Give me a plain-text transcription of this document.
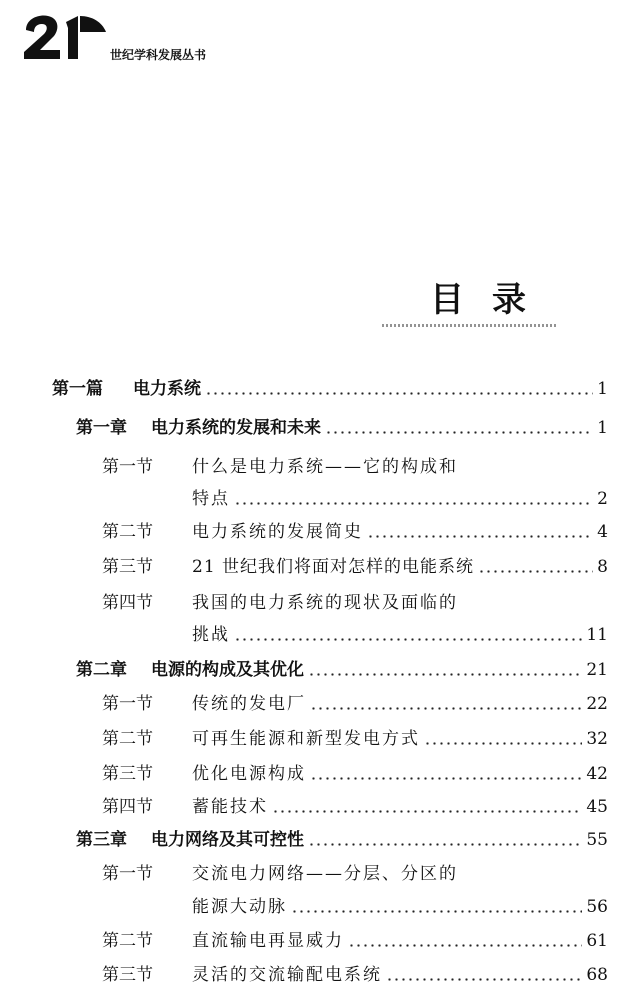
世纪学科发展丛书
目录
第一篇 电力系统	1
第一章 电力系统的发展和未来	1
第一节	什么是电力系统——它的构成和
特点	2
第二节	电力系统的发展简史	4
第三节	21 世纪我们将面对怎样的电能系统	8
第四节	我国的电力系统的现状及面临的
挑战	11
第二章 电源的构成及其优化	21
第一节	传统的发电厂	22
第二节	可再生能源和新型发电方式	32
第三节	优化电源构成	42
第四节	蓄能技术	45
第三章 电力网络及其可控性	55
第一节	交流电力网络——分层、分区的
能源大动脉	56
第二节	直流输电再显威力	61
第三节	灵活的交流输配电系统	68
